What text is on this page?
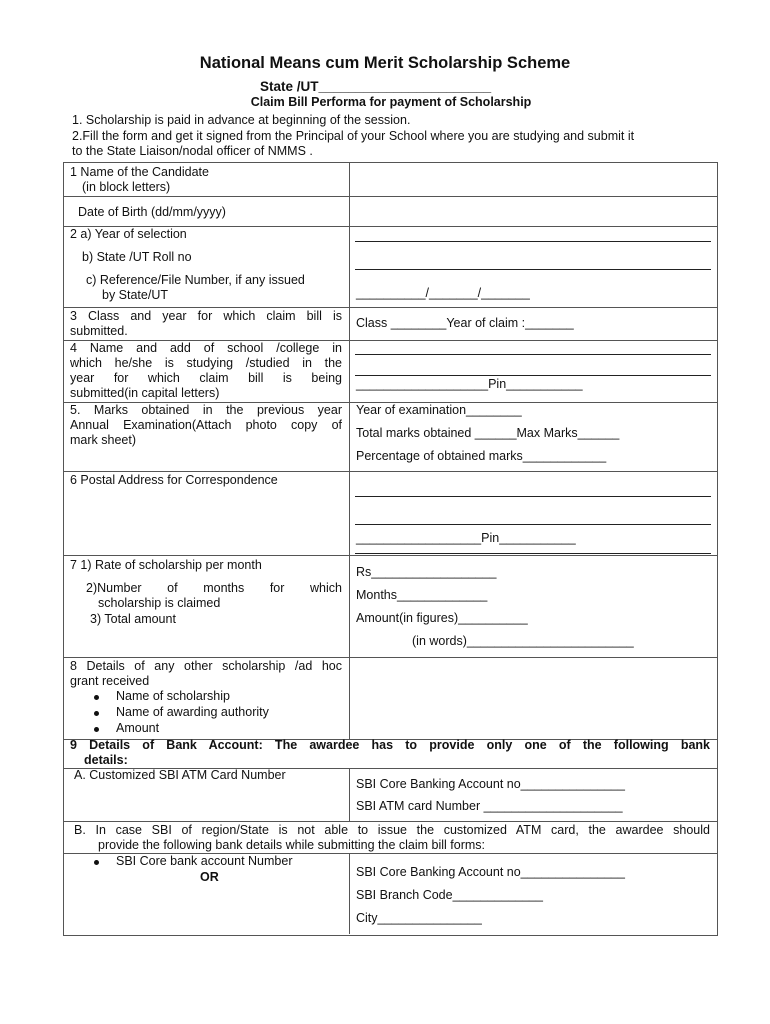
National Means cum Merit Scholarship Scheme
State /UT_______________________
Claim Bill Performa for payment of Scholarship

1. Scholarship is paid in advance at beginning of the session.

2.Fill the form and get it signed from the Principal of your School where you are studying and submit it

to the State Liaison/nodal officer of NMMS .

1 Name of the Candidate
(in block letters)
Date of Birth (dd/mm/yyyy)
2 a) Year of selection
b) State /UT Roll no
c) Reference/File Number, if any issued
by State/UT	__________/_______/_______
3 Class and year for which claim bill is
submitted.
Class ________Year of claim :_______
4 Name and add of school /college in
which he/she is studying /studied in the
year for which claim bill is being
submitted(in capital letters)
___________________Pin___________
5. Marks obtained in the previous year
Annual Examination(Attach photo copy of
mark sheet)
Year of examination________
Total marks obtained ______Max Marks______
Percentage of obtained marks____________
6 Postal Address for Correspondence
__________________Pin___________
7 1) Rate of scholarship per month
2)Number of months for which
scholarship is claimed
3) Total amount
Rs__________________
Months_____________
Amount(in figures)__________
(in words)________________________
8 Details of any other scholarship /ad hoc
grant received
Name of scholarship
Name of awarding authority
Amount
9 Details of Bank Account: The awardee has to provide only one of the following bank
details:
A. Customized SBI ATM Card Number
SBI Core Banking Account no_______________
SBI ATM card Number ____________________
B. In case SBI of region/State is not able to issue the customized ATM card, the awardee should
provide the following bank details while submitting the claim bill forms:
SBI Core bank account Number
OR	SBI Core Banking Account no_______________
SBI Branch Code_____________
City_______________
